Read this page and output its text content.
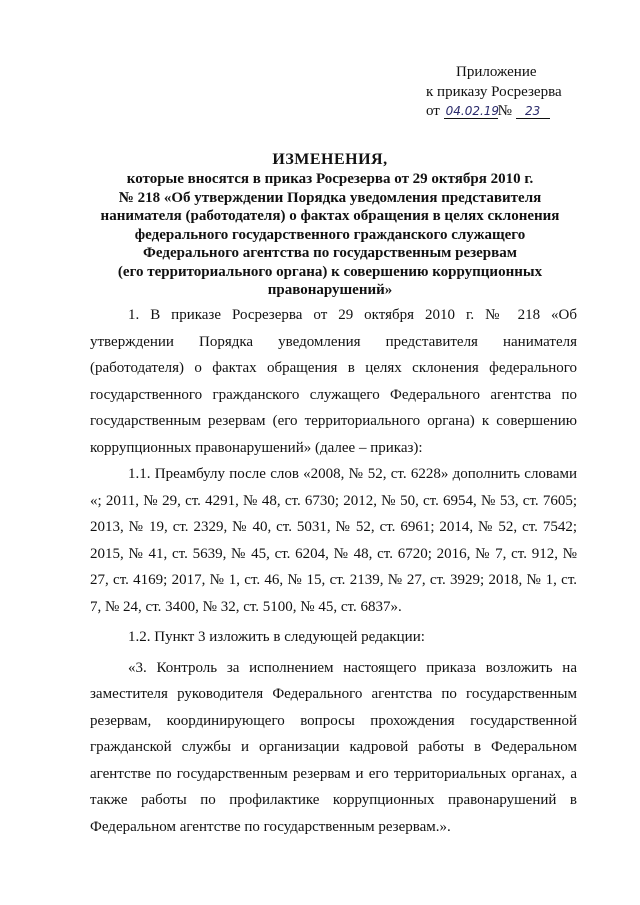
Приложение
к приказу Росрезерва
от 04.02.19№ 23
ИЗМЕНЕНИЯ,
которые вносятся в приказ Росрезерва от 29 октября 2010 г.
№ 218 «Об утверждении Порядка уведомления представителя
нанимателя (работодателя) о фактах обращения в целях склонения
федерального государственного гражданского служащего
Федерального агентства по государственным резервам
(его территориального органа) к совершению коррупционных
правонарушений»

1. В приказе Росрезерва от 29 октября 2010 г. № 218 «Об утверждении Порядка уведомления представителя нанимателя (работодателя) о фактах обращения в целях склонения федерального государственного гражданского служащего Федерального агентства по государственным резервам (его территориального органа) к совершению коррупционных правонарушений» (далее – приказ):

1.1. Преамбулу после слов «2008, № 52, ст. 6228» дополнить словами «; 2011, № 29, ст. 4291, № 48, ст. 6730; 2012, № 50, ст. 6954, № 53, ст. 7605; 2013, № 19, ст. 2329, № 40, ст. 5031, № 52, ст. 6961; 2014, № 52, ст. 7542; 2015, № 41, ст. 5639, № 45, ст. 6204, № 48, ст. 6720; 2016, № 7, ст. 912, № 27, ст. 4169; 2017, № 1, ст. 46, № 15, ст. 2139, № 27, ст. 3929; 2018, № 1, ст. 7, № 24, ст. 3400, № 32, ст. 5100, № 45, ст. 6837».

1.2. Пункт 3 изложить в следующей редакции:

«3. Контроль за исполнением настоящего приказа возложить на заместителя руководителя Федерального агентства по государственным резервам, координирующего вопросы прохождения государственной гражданской службы и организации кадровой работы в Федеральном агентстве по государственным резервам и его территориальных органах, а также работы по профилактике коррупционных правонарушений в Федеральном агентстве по государственным резервам.».
